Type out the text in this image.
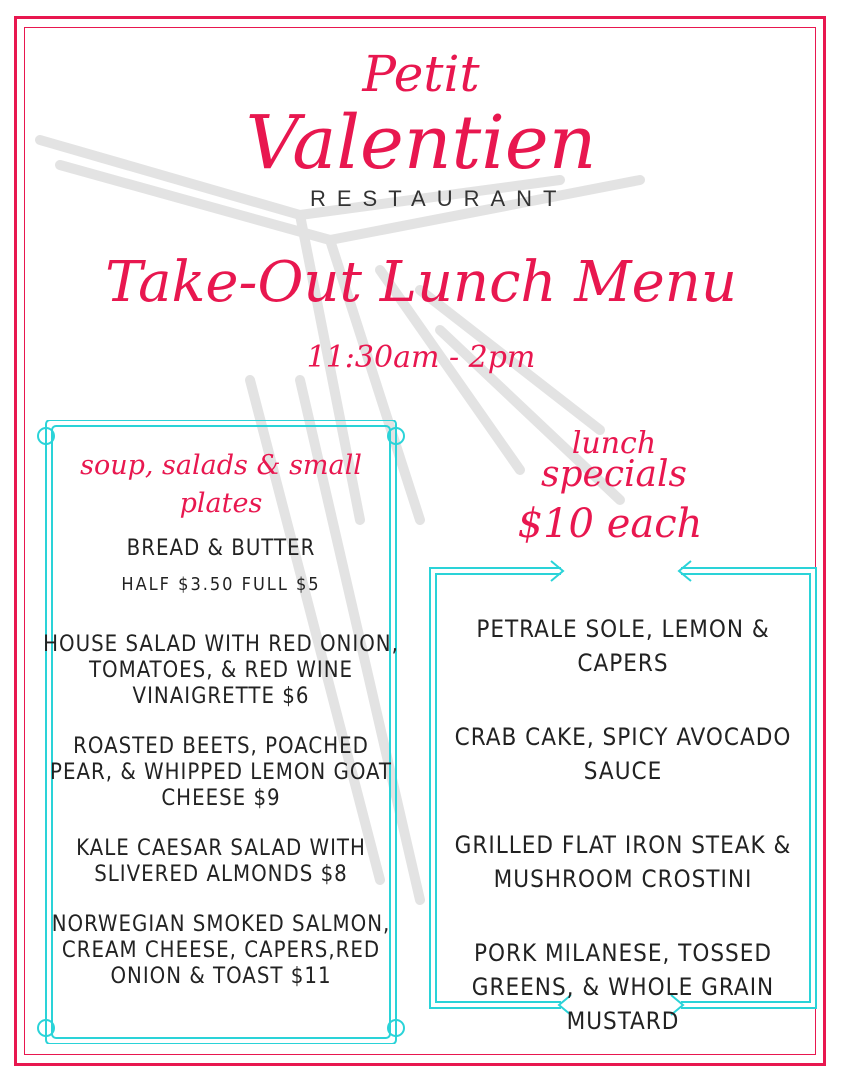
Petit
Valentien
RESTAURANT
Take-Out Lunch Menu
11:30am - 2pm
soup, salads & small plates
BREAD & BUTTER
HALF $3.50 FULL $5
HOUSE SALAD WITH RED ONION, TOMATOES, & RED WINE VINAIGRETTE $6
ROASTED BEETS, POACHED PEAR, & WHIPPED LEMON GOAT CHEESE $9
KALE CAESAR SALAD WITH SLIVERED ALMONDS $8
NORWEGIAN SMOKED SALMON, CREAM CHEESE, CAPERS,RED ONION & TOAST $11
lunch
specials
$10 each
PETRALE SOLE, LEMON & CAPERS
CRAB CAKE, SPICY AVOCADO SAUCE
GRILLED FLAT IRON STEAK & MUSHROOM CROSTINI
PORK MILANESE, TOSSED GREENS, & WHOLE GRAIN MUSTARD
